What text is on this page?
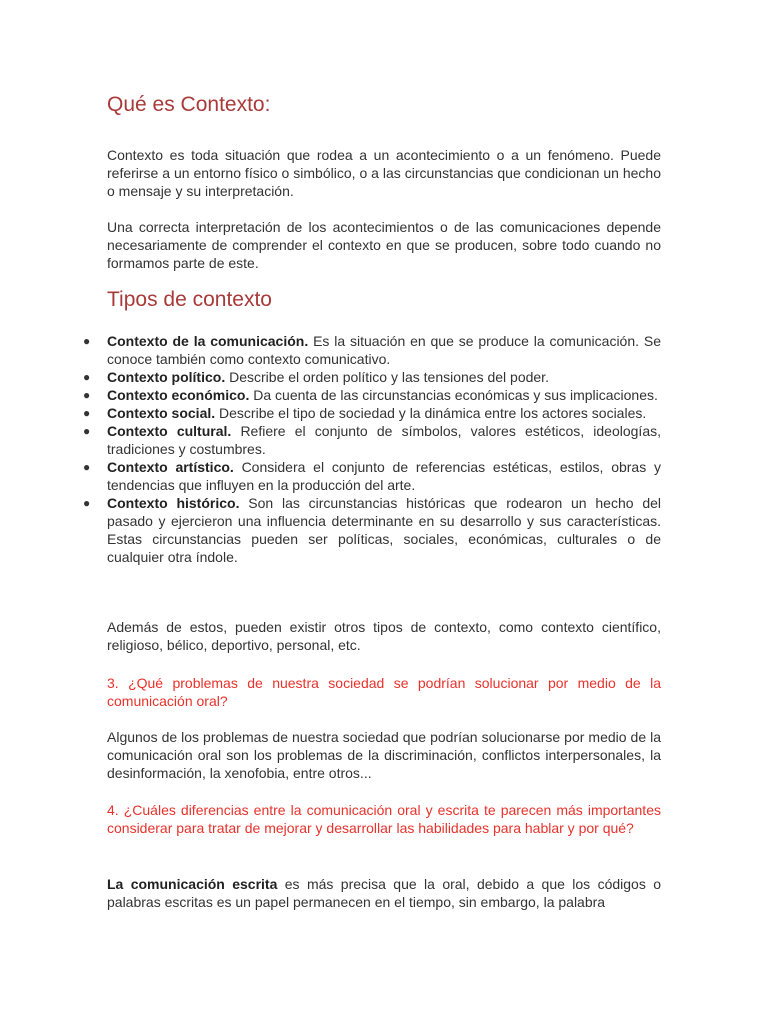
Qué es Contexto:

Contexto es toda situación que rodea a un acontecimiento o a un fenómeno. Puede referirse a un entorno físico o simbólico, o a las circunstancias que condicionan un hecho o mensaje y su interpretación.

Una correcta interpretación de los acontecimientos o de las comunicaciones depende necesariamente de comprender el contexto en que se producen, sobre todo cuando no formamos parte de este.

Tipos de contexto
● Contexto de la comunicación. Es la situación en que se produce la comunicación. Se conoce también como contexto comunicativo.
● Contexto político. Describe el orden político y las tensiones del poder.
● Contexto económico. Da cuenta de las circunstancias económicas y sus implicaciones.
● Contexto social. Describe el tipo de sociedad y la dinámica entre los actores sociales.
● Contexto cultural. Refiere el conjunto de símbolos, valores estéticos, ideologías, tradiciones y costumbres.
● Contexto artístico. Considera el conjunto de referencias estéticas, estilos, obras y tendencias que influyen en la producción del arte.
● Contexto histórico. Son las circunstancias históricas que rodearon un hecho del pasado y ejercieron una influencia determinante en su desarrollo y sus características. Estas circunstancias pueden ser políticas, sociales, económicas, culturales o de cualquier otra índole.

Además de estos, pueden existir otros tipos de contexto, como contexto científico, religioso, bélico, deportivo, personal, etc.

3. ¿Qué problemas de nuestra sociedad se podrían solucionar por medio de la comunicación oral?

Algunos de los problemas de nuestra sociedad que podrían solucionarse por medio de la comunicación oral son los problemas de la discriminación, conflictos interpersonales, la desinformación, la xenofobia, entre otros...

4. ¿Cuáles diferencias entre la comunicación oral y escrita te parecen más importantes considerar para tratar de mejorar y desarrollar las habilidades para hablar y por qué?

La comunicación escrita es más precisa que la oral, debido a que los códigos o palabras escritas es un papel permanecen en el tiempo, sin embargo, la palabra
